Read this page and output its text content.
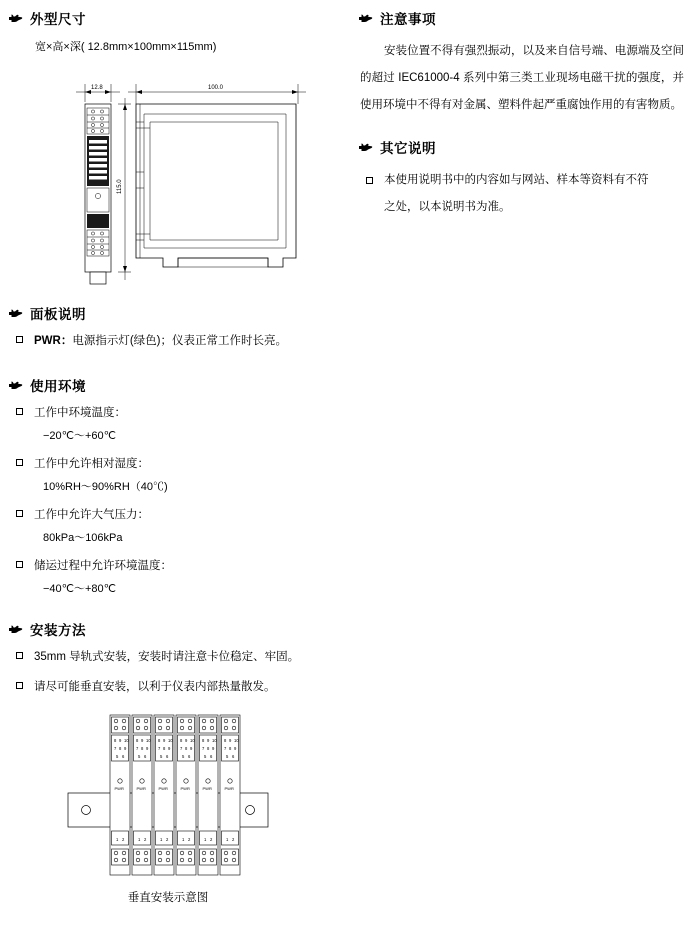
外型尺寸
宽×高×深( 12.8mm×100mm×115mm)
12.8	100.0
115.0
面板说明
PWR：电源指示灯(绿色)；仪表正常工作时长亮。
使用环境
工作中环境温度：
−20℃～+60℃
工作中允许相对湿度：
10%RH～90%RH（40℃)
工作中允许大气压力：
80kPa～106kPa
储运过程中允许环境温度：
−40℃～+80℃
安装方法
35mm 导轨式安装，安装时请注意卡位稳定、牢固。
请尽可能垂直安装，以利于仪表内部热量散发。
8 9 10
7 8 9
5 6
PWR
1 2
8 9 10
7 8 9
5 6
PWR
1 2
8 9 10
7 8 9
5 6
PWR
1 2
8 9 10
7 8 9
5 6
PWR
1 2
8 9 10
7 8 9
5 6
PWR
1 2
8 9 10
7 8 9
5 6
PWR
1 2
垂直安装示意图
注意事项

安装位置不得有强烈振动，以及来自信号端、电源端及空间的超过 IEC61000-4 系列中第三类工业现场电磁干扰的强度，并使用环境中不得有对金属、塑料件起严重腐蚀作用的有害物质。

其它说明
本使用说明书中的内容如与网站、样本等资料有不符之处，以本说明书为准。
